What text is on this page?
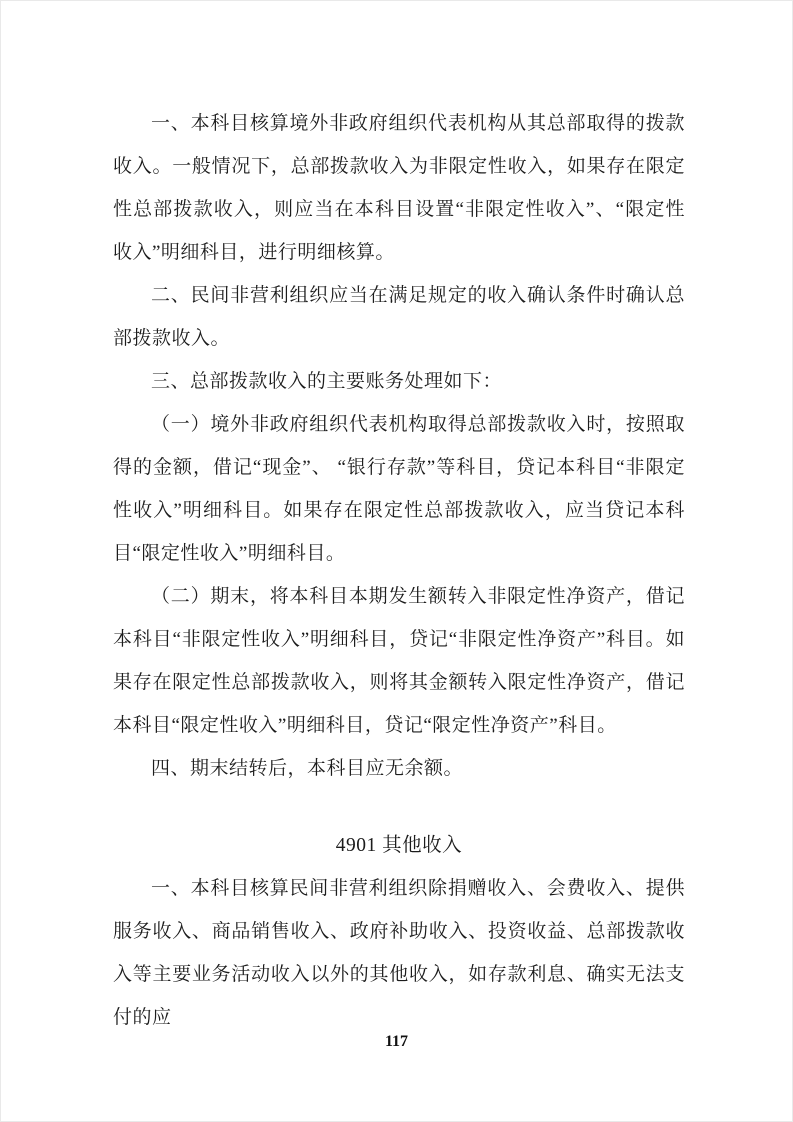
一、本科目核算境外非政府组织代表机构从其总部取得的拨款收入。一般情况下，总部拨款收入为非限定性收入，如果存在限定性总部拨款收入，则应当在本科目设置“非限定性收入”、“限定性收入”明细科目，进行明细核算。

二、民间非营利组织应当在满足规定的收入确认条件时确认总部拨款收入。

三、总部拨款收入的主要账务处理如下：

（一）境外非政府组织代表机构取得总部拨款收入时，按照取得的金额，借记“现金”、 “银行存款”等科目，贷记本科目“非限定性收入”明细科目。如果存在限定性总部拨款收入，应当贷记本科目“限定性收入”明细科目。

（二）期末，将本科目本期发生额转入非限定性净资产，借记本科目“非限定性收入”明细科目，贷记“非限定性净资产”科目。如果存在限定性总部拨款收入，则将其金额转入限定性净资产，借记本科目“限定性收入”明细科目，贷记“限定性净资产”科目。

四、期末结转后，本科目应无余额。

4901 其他收入

一、本科目核算民间非营利组织除捐赠收入、会费收入、提供服务收入、商品销售收入、政府补助收入、投资收益、总部拨款收入等主要业务活动收入以外的其他收入，如存款利息、确实无法支付的应

117
